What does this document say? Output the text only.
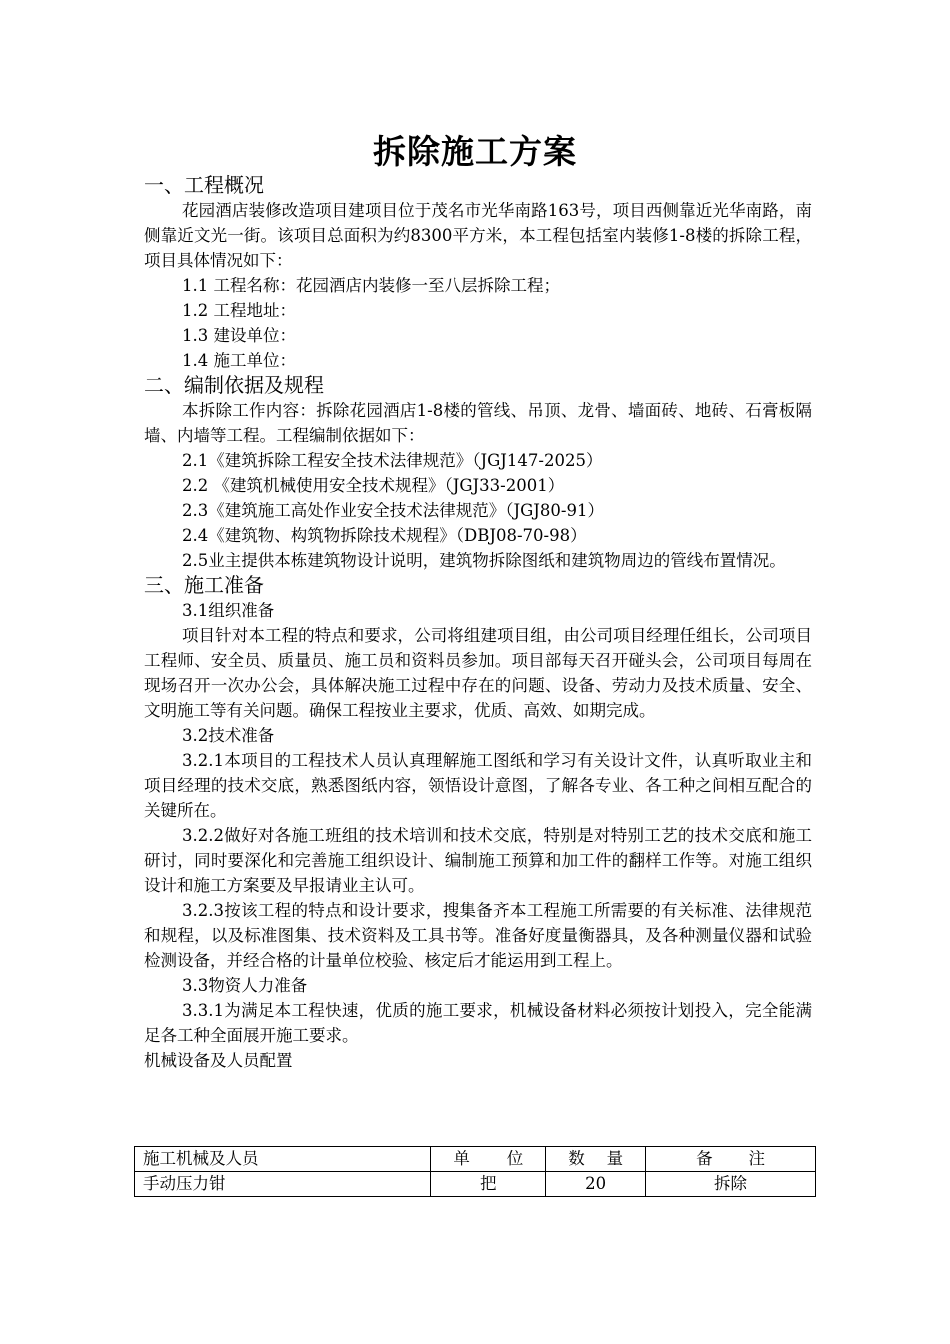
拆除施工方案
一、工程概况

花园酒店装修改造项目建项目位于茂名市光华南路163号，项目西侧靠近光华南路，南侧靠近文光一街。该项目总面积为约8300平方米，本工程包括室内装修1-8楼的拆除工程，项目具体情况如下：

1.1 工程名称：花园酒店内装修一至八层拆除工程；
1.2 工程地址：
1.3 建设单位：
1.4 施工单位：
二、编制依据及规程

本拆除工作内容：拆除花园酒店1-8楼的管线、吊顶、龙骨、墙面砖、地砖、石膏板隔墙、内墙等工程。工程编制依据如下：

2.1《建筑拆除工程安全技术法律规范》（JGJ147-2025）
2.2 《建筑机械使用安全技术规程》（JGJ33-2001）
2.3《建筑施工高处作业安全技术法律规范》（JGJ80-91）
2.4《建筑物、构筑物拆除技术规程》（DBJ08-70-98）

2.5业主提供本栋建筑物设计说明，建筑物拆除图纸和建筑物周边的管线布置情况。

三、施工准备
3.1组织准备

项目针对本工程的特点和要求，公司将组建项目组，由公司项目经理任组长，公司项目工程师、安全员、质量员、施工员和资料员参加。项目部每天召开碰头会，公司项目每周在现场召开一次办公会，具体解决施工过程中存在的问题、设备、劳动力及技术质量、安全、文明施工等有关问题。确保工程按业主要求，优质、高效、如期完成。

3.2技术准备

3.2.1本项目的工程技术人员认真理解施工图纸和学习有关设计文件，认真听取业主和项目经理的技术交底，熟悉图纸内容，领悟设计意图，了解各专业、各工种之间相互配合的关键所在。

3.2.2做好对各施工班组的技术培训和技术交底，特别是对特别工艺的技术交底和施工研讨，同时要深化和完善施工组织设计、编制施工预算和加工件的翻样工作等。对施工组织设计和施工方案要及早报请业主认可。

3.2.3按该工程的特点和设计要求，搜集备齐本工程施工所需要的有关标准、法律规范和规程，以及标准图集、技术资料及工具书等。准备好度量衡器具，及各种测量仪器和试验检测设备，并经合格的计量单位校验、核定后才能运用到工程上。

3.3物资人力准备

3.3.1为满足本工程快速，优质的施工要求，机械设备材料必须按计划投入，完全能满足各工种全面展开施工要求。

机械设备及人员配置
施工机械及人员	单位	数量	备注
手动压力钳	把	20	拆除
